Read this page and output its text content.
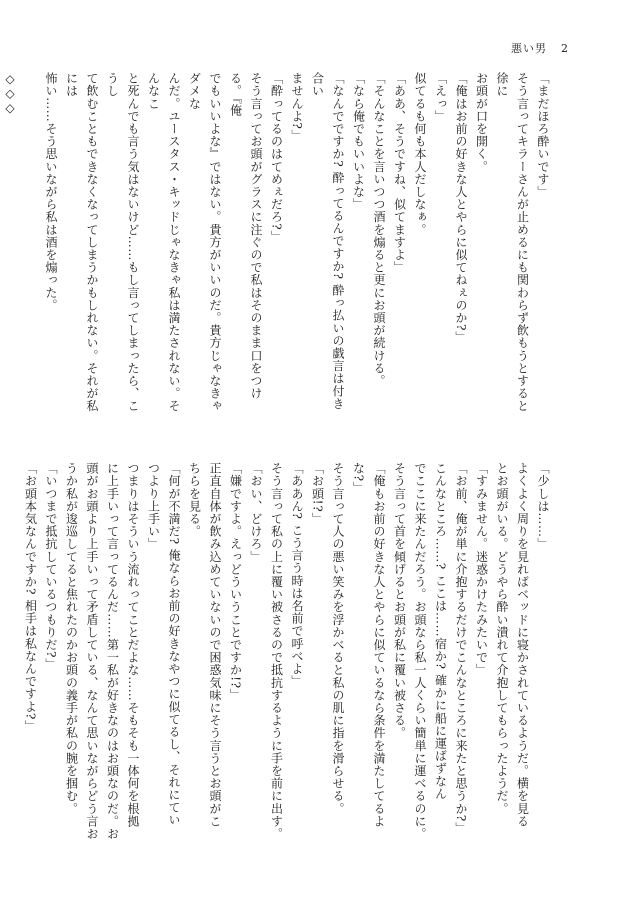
悪い男 2

「まだほろ酔いです」

そう言ってキラーさんが止めるにも関わらず飲もうとすると徐に

お頭が口を開く。

「俺はお前の好きな人とやらに似てねぇのか?」

「えっ」

似てるも何も本人だしなぁ。

「ああ、そうですね、似てますよ」

「そんなことを言いつつ酒を煽ると更にお頭が続ける。

「なら俺でもいいよな」

「なんでですか? 酔ってるんですか? 酔っ払いの戯言は付き合い

ませんよ?」

「酔ってるのはてめぇだろ?」

そう言ってお頭がグラスに注ぐので私はそのまま口をつける。『俺

でもいいよな』ではない。貴方がいいのだ。貴方じゃなきゃダメな

んだ。ユースタス・キッドじゃなきゃ私は満たされない。そんなこ

と死んでも言う気はないけど……もし言ってしまったら、こうし

て飲むこともできなくなってしまうかもしれない。それが私には

怖い……そう思いながら私は酒を煽った。

◇◇◇

「少しは……」

よくよく周りを見ればベッドに寝かされているようだ。横を見る

とお頭がいる。どうやら酔い潰れて介抱してもらったようだ。

「すみません。迷惑かけたみたいで」

「お前、俺が単に介抱するだけでこんなところに来たと思うか?」

こんなところ……? ここは……宿か? 確かに船に運ばずなん

でここに来たんだろう。お頭なら私一人くらい簡単に運べるのに。

そう言って首を傾げるとお頭が私に覆い被さる。

「俺もお前の好きな人とやらに似ているなら条件を満たしてるよな?」

そう言って人の悪い笑みを浮かべると私の肌に指を滑らせる。

「お頭!?」

「ああん? こう言う時は名前で呼べよ」

そう言って私の上に覆い被さるので抵抗するように手を前に出す。

「おい、どけろ」

「嫌ですよ。えっどういうことですか!?」

正直自体が飲み込めていないので困惑気味にそう言うとお頭がこ

ちらを見る。

「何が不満だ? 俺ならお前の好きなやつに似てるし、それにてい

つより上手い」

つまりはそういう流れってことだよな……そもそも一体何を根拠

に上手いって言ってるんだ……第一私が好きなのはお頭なのだ。お

頭がお頭より上手いって矛盾している、なんて思いながらどう言お

うか私が逡巡してると焦れたのかお頭の義手が私の腕を掴む。

「いつまで抵抗しているつもりだ?」

「お頭本気なんですか? 相手は私なんですよ?」
